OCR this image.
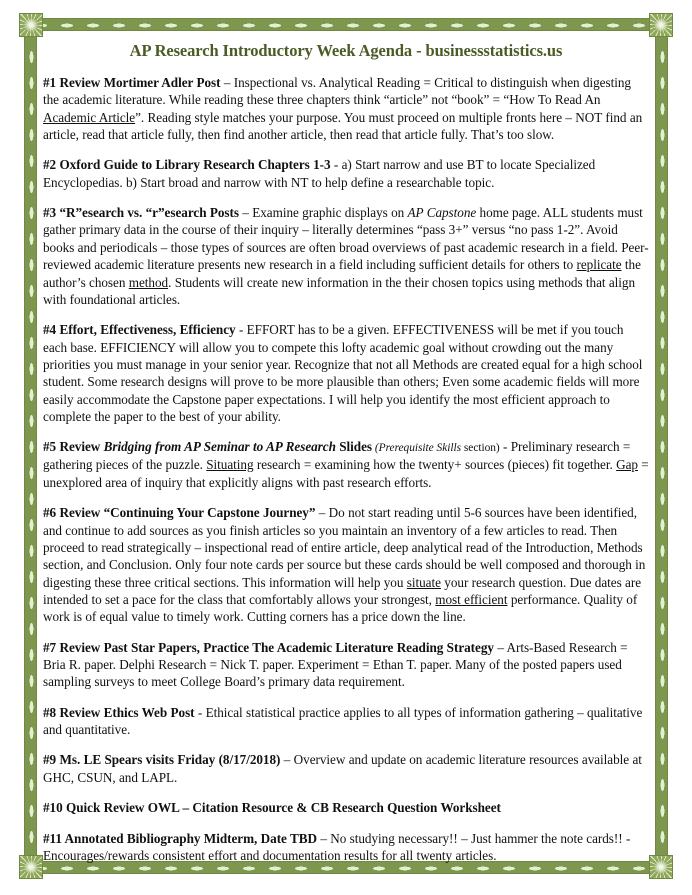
AP Research Introductory Week Agenda - businessstatistics.us

#1 Review Mortimer Adler Post – Inspectional vs. Analytical Reading = Critical to distinguish when digesting the academic literature. While reading these three chapters think “article” not “book” = “How To Read An Academic Article”. Reading style matches your purpose. You must proceed on multiple fronts here – NOT find an article, read that article fully, then find another article, then read that article fully. That’s too slow.

#2 Oxford Guide to Library Research Chapters 1-3 - a) Start narrow and use BT to locate Specialized Encyclopedias. b) Start broad and narrow with NT to help define a researchable topic.

#3 “R”esearch vs. “r”esearch Posts – Examine graphic displays on AP Capstone home page. ALL students must gather primary data in the course of their inquiry – literally determines “pass 3+” versus “no pass 1-2”. Avoid books and periodicals – those types of sources are often broad overviews of past academic research in a field. Peer-reviewed academic literature presents new research in a field including sufficient details for others to replicate the author’s chosen method. Students will create new information in the their chosen topics using methods that align with foundational articles.

#4 Effort, Effectiveness, Efficiency - EFFORT has to be a given. EFFECTIVENESS will be met if you touch each base. EFFICIENCY will allow you to compete this lofty academic goal without crowding out the many priorities you must manage in your senior year. Recognize that not all Methods are created equal for a high school student. Some research designs will prove to be more plausible than others; Even some academic fields will more easily accommodate the Capstone paper expectations. I will help you identify the most efficient approach to complete the paper to the best of your ability.

#5 Review Bridging from AP Seminar to AP Research Slides (Prerequisite Skills section) - Preliminary research = gathering pieces of the puzzle. Situating research = examining how the twenty+ sources (pieces) fit together. Gap = unexplored area of inquiry that explicitly aligns with past research efforts.

#6 Review “Continuing Your Capstone Journey” – Do not start reading until 5-6 sources have been identified, and continue to add sources as you finish articles so you maintain an inventory of a few articles to read. Then proceed to read strategically – inspectional read of entire article, deep analytical read of the Introduction, Methods section, and Conclusion. Only four note cards per source but these cards should be well composed and thorough in digesting these three critical sections. This information will help you situate your research question. Due dates are intended to set a pace for the class that comfortably allows your strongest, most efficient performance. Quality of work is of equal value to timely work. Cutting corners has a price down the line.

#7 Review Past Star Papers, Practice The Academic Literature Reading Strategy – Arts-Based Research = Bria R. paper. Delphi Research = Nick T. paper. Experiment = Ethan T. paper. Many of the posted papers used sampling surveys to meet College Board’s primary data requirement.

#8 Review Ethics Web Post - Ethical statistical practice applies to all types of information gathering – qualitative and quantitative.

#9 Ms. LE Spears visits Friday (8/17/2018) – Overview and update on academic literature resources available at GHC, CSUN, and LAPL.

#10 Quick Review OWL – Citation Resource & CB Research Question Worksheet

#11 Annotated Bibliography Midterm, Date TBD – No studying necessary!! – Just hammer the note cards!! - Encourages/rewards consistent effort and documentation results for all twenty articles.
